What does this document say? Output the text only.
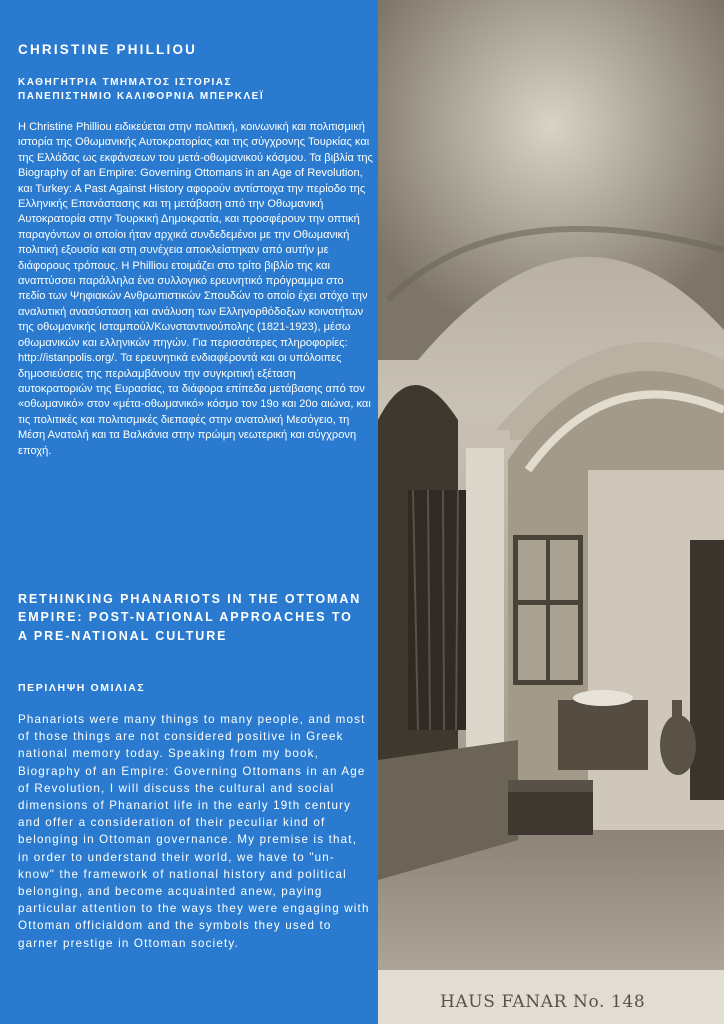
CHRISTINE PHILLIOU

ΚΑΘΗΓΗΤΡΙΑ ΤΜΗΜΑΤΟΣ ΙΣΤΟΡΙΑΣ
ΠΑΝΕΠΙΣΤΗΜΙΟ ΚΑΛΙΦΟΡΝΙΑ ΜΠΕΡΚΛΕΪ

Η Christine Philliou ειδικεύεται στην πολιτική, κοινωνική και πολιτισμική ιστορία της Οθωμανικής Αυτοκρατορίας και της σύγχρονης Τουρκίας και της Ελλάδας ως εκφάνσεων του μετά-οθωμανικού κόσμου. Τα βιβλία της Biography of an Empire: Governing Ottomans in an Age of Revolution, και Turkey: A Past Against History αφορούν αντίστοιχα την περίοδο της Ελληνικής Επανάστασης και τη μετάβαση από την Οθωμανική Αυτοκρατορία στην Τουρκική Δημοκρατία, και προσφέρουν την οπτική παραγόντων οι οποίοι ήταν αρχικά συνδεδεμένοι με την Οθωμανική πολιτική εξουσία και στη συνέχεια αποκλείστηκαν από αυτήν με διάφορους τρόπους. Η Philliou ετοιμάζει στο τρίτο βιβλίο της και αναπτύσσει παράλληλα ένα συλλογικό ερευνητικό πρόγραμμα στο πεδίο των Ψηφιακών Ανθρωπιστικών Σπουδών το οποίο έχει στόχο την αναλυτική ανασύσταση και ανάλυση των Ελληνορθόδοξων κοινοτήτων της οθωμανικής Ισταμπούλ/Κωνσταντινούπολης (1821-1923), μέσω οθωμανικών και ελληνικών πηγών. Για περισσότερες πληροφορίες: http://istanpolis.org/. Τα ερευνητικά ενδιαφέροντά και οι υπόλοιπες δημοσιεύσεις της περιλαμβάνουν την συγκριτική εξέταση αυτοκρατοριών της Ευρασίας, τα διάφορα επίπεδα μετάβασης από τον «οθωμανικό» στον «μέτα-οθωμανικό» κόσμο τον 19ο και 20ο αιώνα, και τις πολιτικές και πολιτισμικές διεπαφές στην ανατολική Μεσόγειο, τη Μέση Ανατολή και τα Βαλκάνια στην πρώιμη νεωτερική και σύγχρονη εποχή.

RETHINKING PHANARIOTS IN THE OTTOMAN EMPIRE: POST-NATIONAL APPROACHES TO A PRE-NATIONAL CULTURE

ΠΕΡΙΛΗΨΗ ΟΜΙΛΙΑΣ

Phanariots were many things to many people, and most of those things are not considered positive in Greek national memory today. Speaking from my book, Biography of an Empire: Governing Ottomans in an Age of Revolution, I will discuss the cultural and social dimensions of Phanariot life in the early 19th century and offer a consideration of their peculiar kind of belonging in Ottoman governance. My premise is that, in order to understand their world, we have to "un-know" the framework of national history and political belonging, and become acquainted anew, paying particular attention to the ways they were engaging with Ottoman officialdom and the symbols they used to garner prestige in Ottoman society.

HAUS FANAR No. 148
